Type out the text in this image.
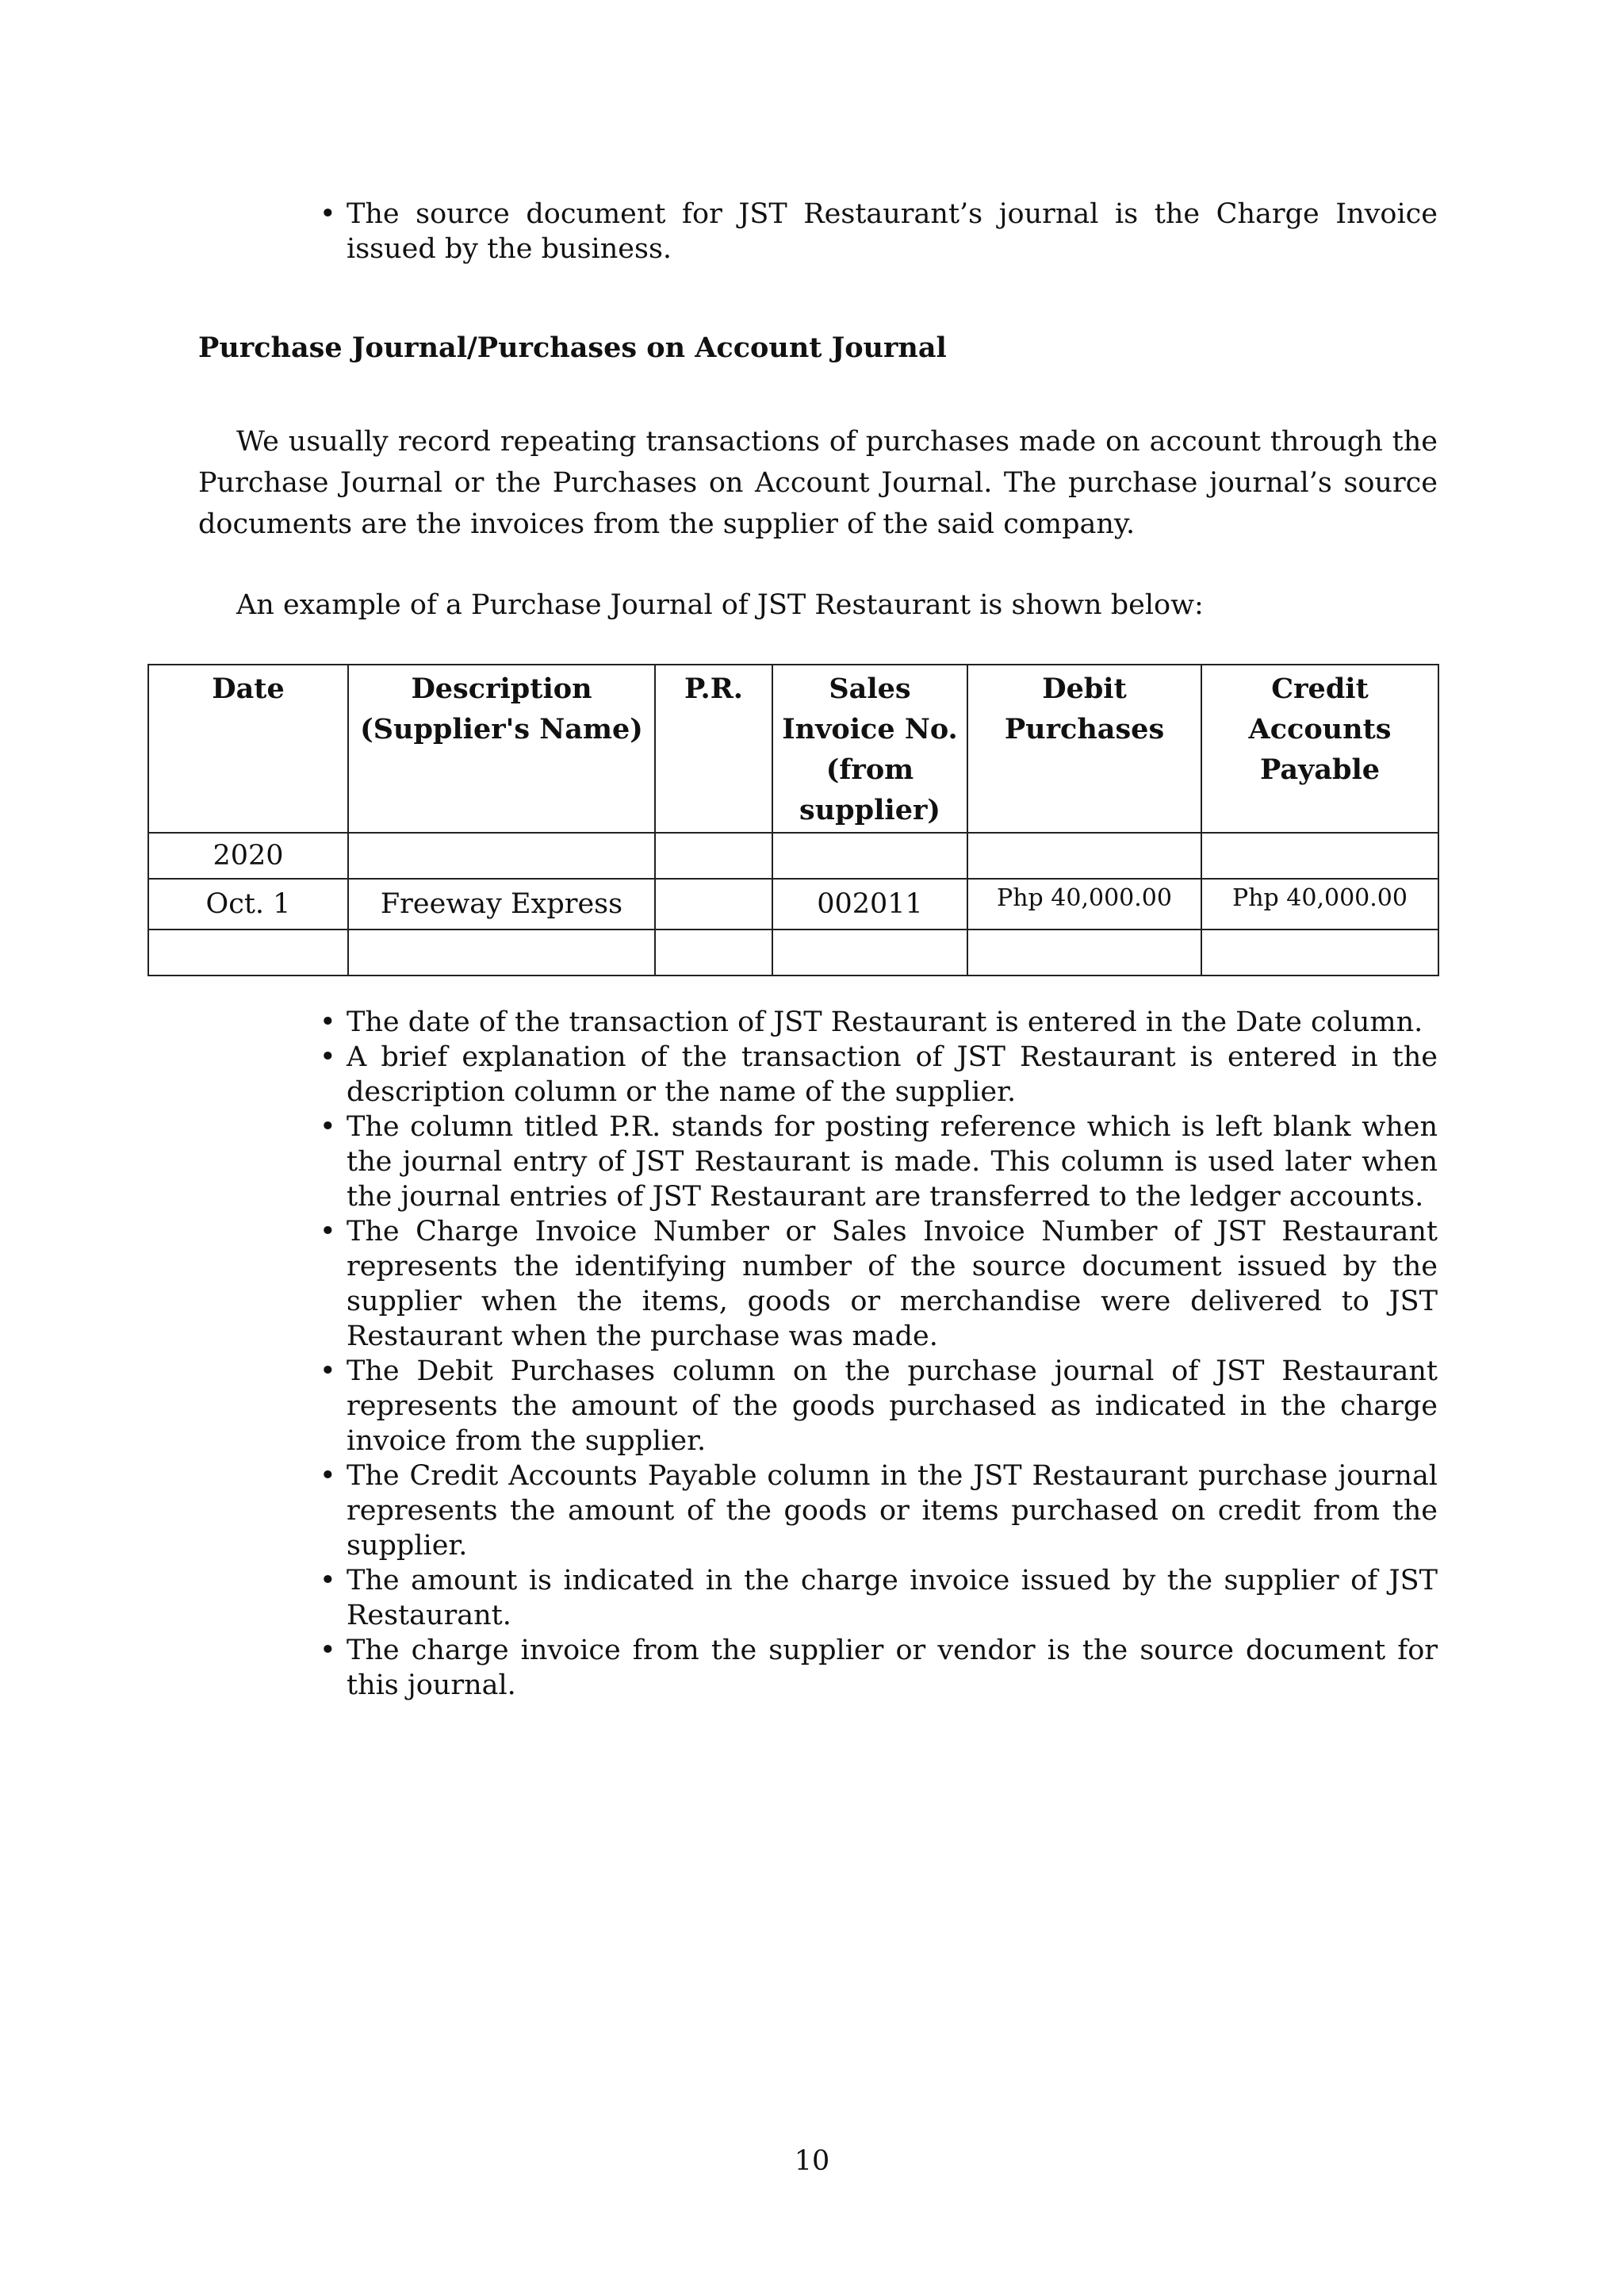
• The source document for JST Restaurant’s journal is the Charge Invoice issued by the business.
Purchase Journal/Purchases on Account Journal

We usually record repeating transactions of purchases made on account through the Purchase Journal or the Purchases on Account Journal. The purchase journal’s source documents are the invoices from the supplier of the said company.

An example of a Purchase Journal of JST Restaurant is shown below:

Date	Description (Supplier's Name)	P.R.	Sales Invoice No. (from supplier)	Debit Purchases	Credit Accounts Payable
2020					
Oct. 1	Freeway Express		002011	Php 40,000.00	Php 40,000.00

• The date of the transaction of JST Restaurant is entered in the Date column.
• A brief explanation of the transaction of JST Restaurant is entered in the description column or the name of the supplier.
• The column titled P.R. stands for posting reference which is left blank when the journal entry of JST Restaurant is made. This column is used later when the journal entries of JST Restaurant are transferred to the ledger accounts.
• The Charge Invoice Number or Sales Invoice Number of JST Restaurant represents the identifying number of the source document issued by the supplier when the items, goods or merchandise were delivered to JST Restaurant when the purchase was made.
• The Debit Purchases column on the purchase journal of JST Restaurant represents the amount of the goods purchased as indicated in the charge invoice from the supplier.
• The Credit Accounts Payable column in the JST Restaurant purchase journal represents the amount of the goods or items purchased on credit from the supplier.
• The amount is indicated in the charge invoice issued by the supplier of JST Restaurant.
• The charge invoice from the supplier or vendor is the source document for this journal.
10
